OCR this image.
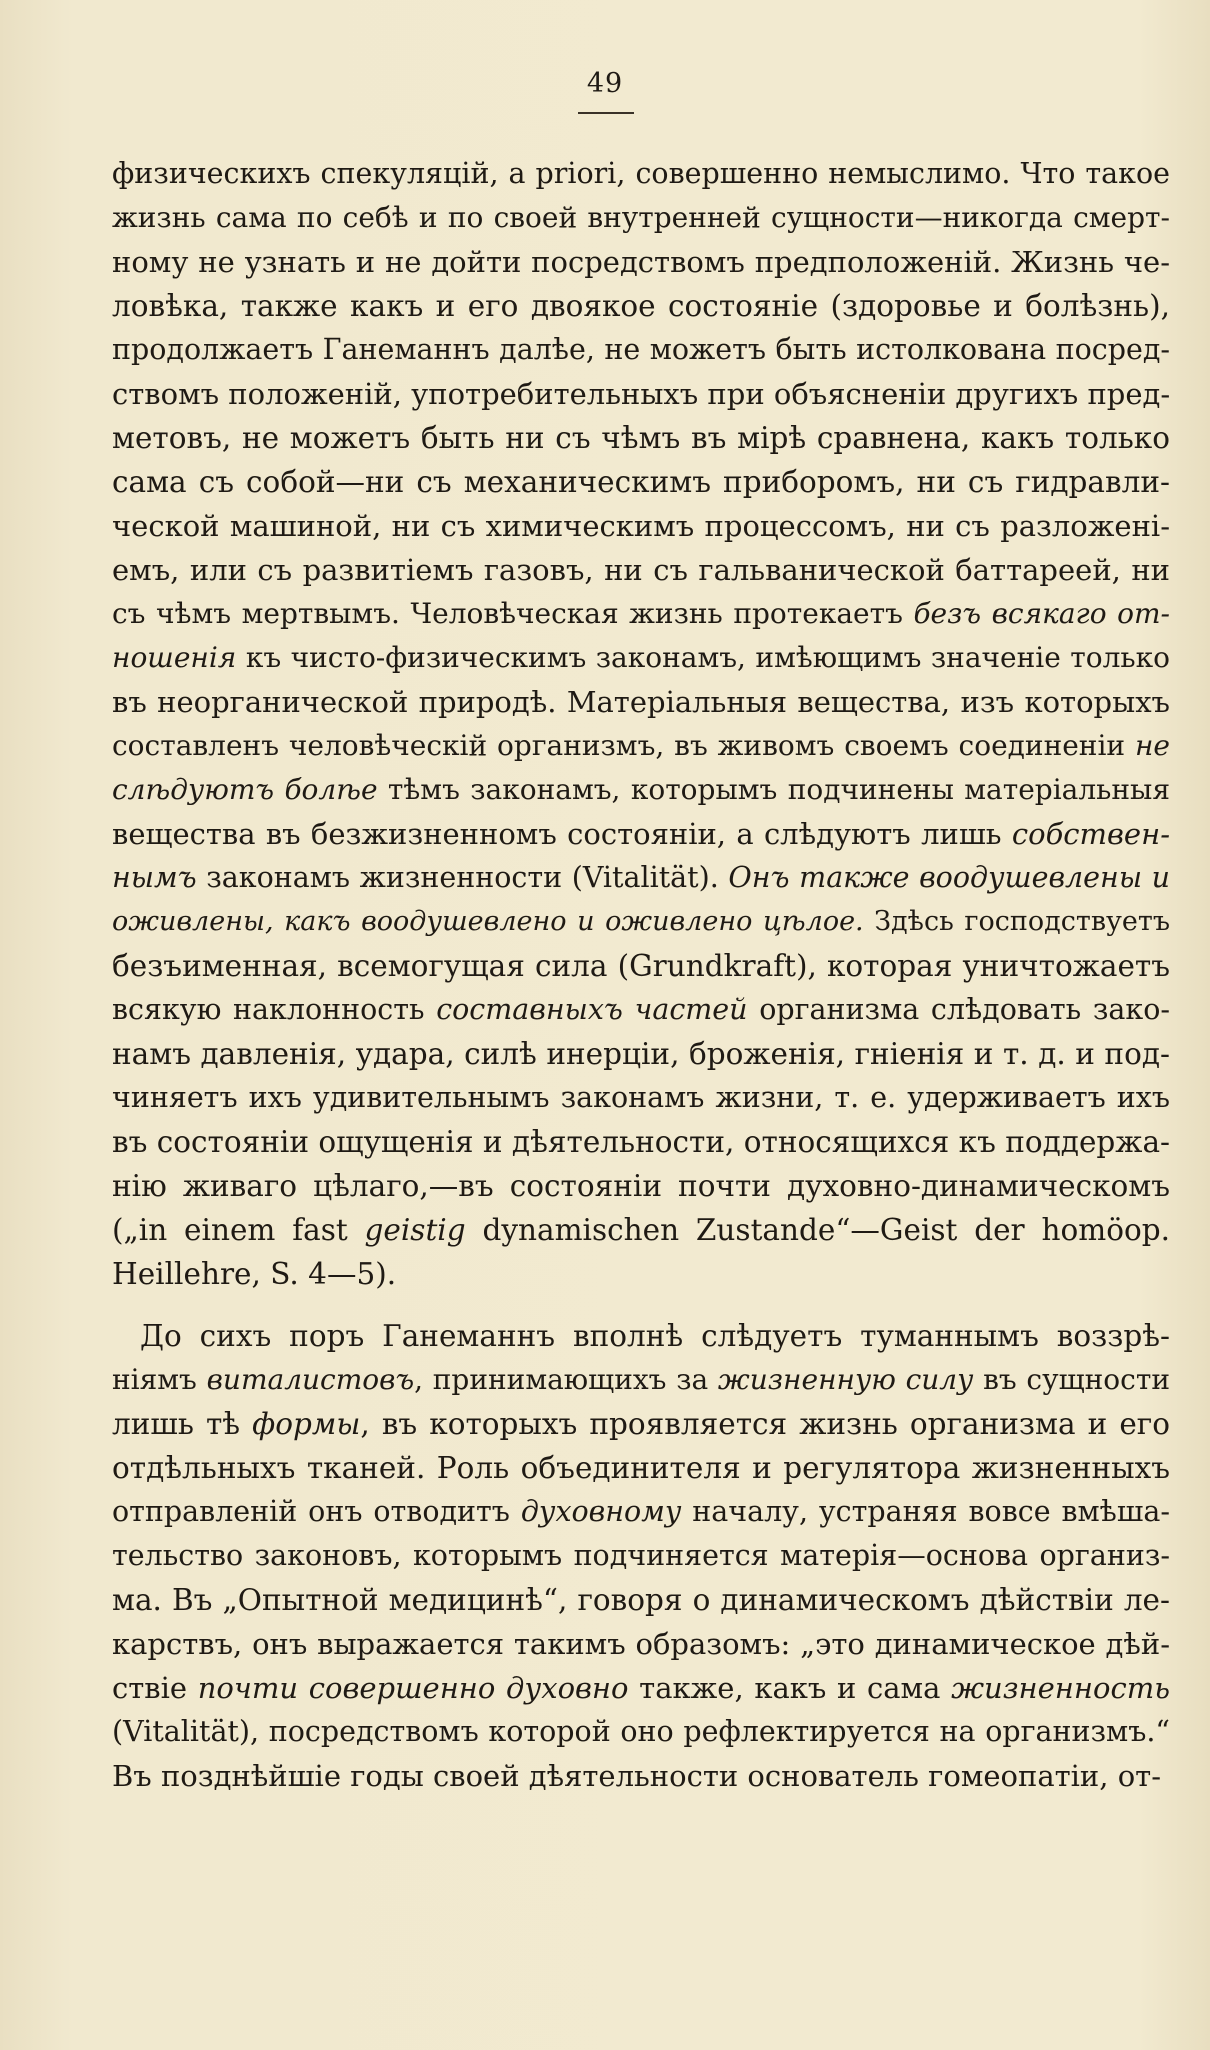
49
физическихъ спекуляцій, а priori, совершенно немыслимо. Что такое
жизнь сама по себѣ и по своей внутренней сущности—никогда смерт-
ному не узнать и не дойти посредствомъ предположеній. Жизнь че-
ловѣка, также какъ и его двоякое состояніе (здоровье и болѣзнь),
продолжаетъ Ганеманнъ далѣе, не можетъ быть истолкована посред-
ствомъ положеній, употребительныхъ при объясненіи другихъ пред-
метовъ, не можетъ быть ни съ чѣмъ въ мірѣ сравнена, какъ только
сама съ собой—ни съ механическимъ приборомъ, ни съ гидравли-
ческой машиной, ни съ химическимъ процессомъ, ни съ разложені-
емъ, или съ развитіемъ газовъ, ни съ гальванической баттареей, ни
съ чѣмъ мертвымъ. Человѣческая жизнь протекаетъ безъ всякаго от-
ношенія къ чисто-физическимъ законамъ, имѣющимъ значеніе только
въ неорганической природѣ. Матеріальныя вещества, изъ которыхъ
составленъ человѣческій организмъ, въ живомъ своемъ соединеніи не
слѣдуютъ болѣе тѣмъ законамъ, которымъ подчинены матеріальныя
вещества въ безжизненномъ состояніи, а слѣдуютъ лишь собствен-
нымъ законамъ жизненности (Vitalität). Онъ также воодушевлены и
оживлены, какъ воодушевлено и оживлено цѣлое. Здѣсь господствуетъ
безъименная, всемогущая сила (Grundkraft), которая уничтожаетъ
всякую наклонность составныхъ частей организма слѣдовать зако-
намъ давленія, удара, силѣ инерціи, броженія, гніенія и т. д. и под-
чиняетъ ихъ удивительнымъ законамъ жизни, т. е. удерживаетъ ихъ
въ состояніи ощущенія и дѣятельности, относящихся къ поддержа-
нію живаго цѣлаго,—въ состояніи почти духовно-динамическомъ
(„in einem fast geistig dynamischen Zustande“—Geist der homöop.
Heillehre, S. 4—5).
До сихъ поръ Ганеманнъ вполнѣ слѣдуетъ туманнымъ воззрѣ-
ніямъ виталистовъ, принимающихъ за жизненную силу въ сущности
лишь тѣ формы, въ которыхъ проявляется жизнь организма и его
отдѣльныхъ тканей. Роль объединителя и регулятора жизненныхъ
отправленій онъ отводитъ духовному началу, устраняя вовсе вмѣша-
тельство законовъ, которымъ подчиняется матерія—основа организ-
ма. Въ „Опытной медицинѣ“, говоря о динамическомъ дѣйствіи ле-
карствъ, онъ выражается такимъ образомъ: „это динамическое дѣй-
ствіе почти совершенно духовно также, какъ и сама жизненность
(Vitalität), посредствомъ которой оно рефлектируется на организмъ.“
Въ позднѣйшіе годы своей дѣятельности основатель гомеопатіи, от-
